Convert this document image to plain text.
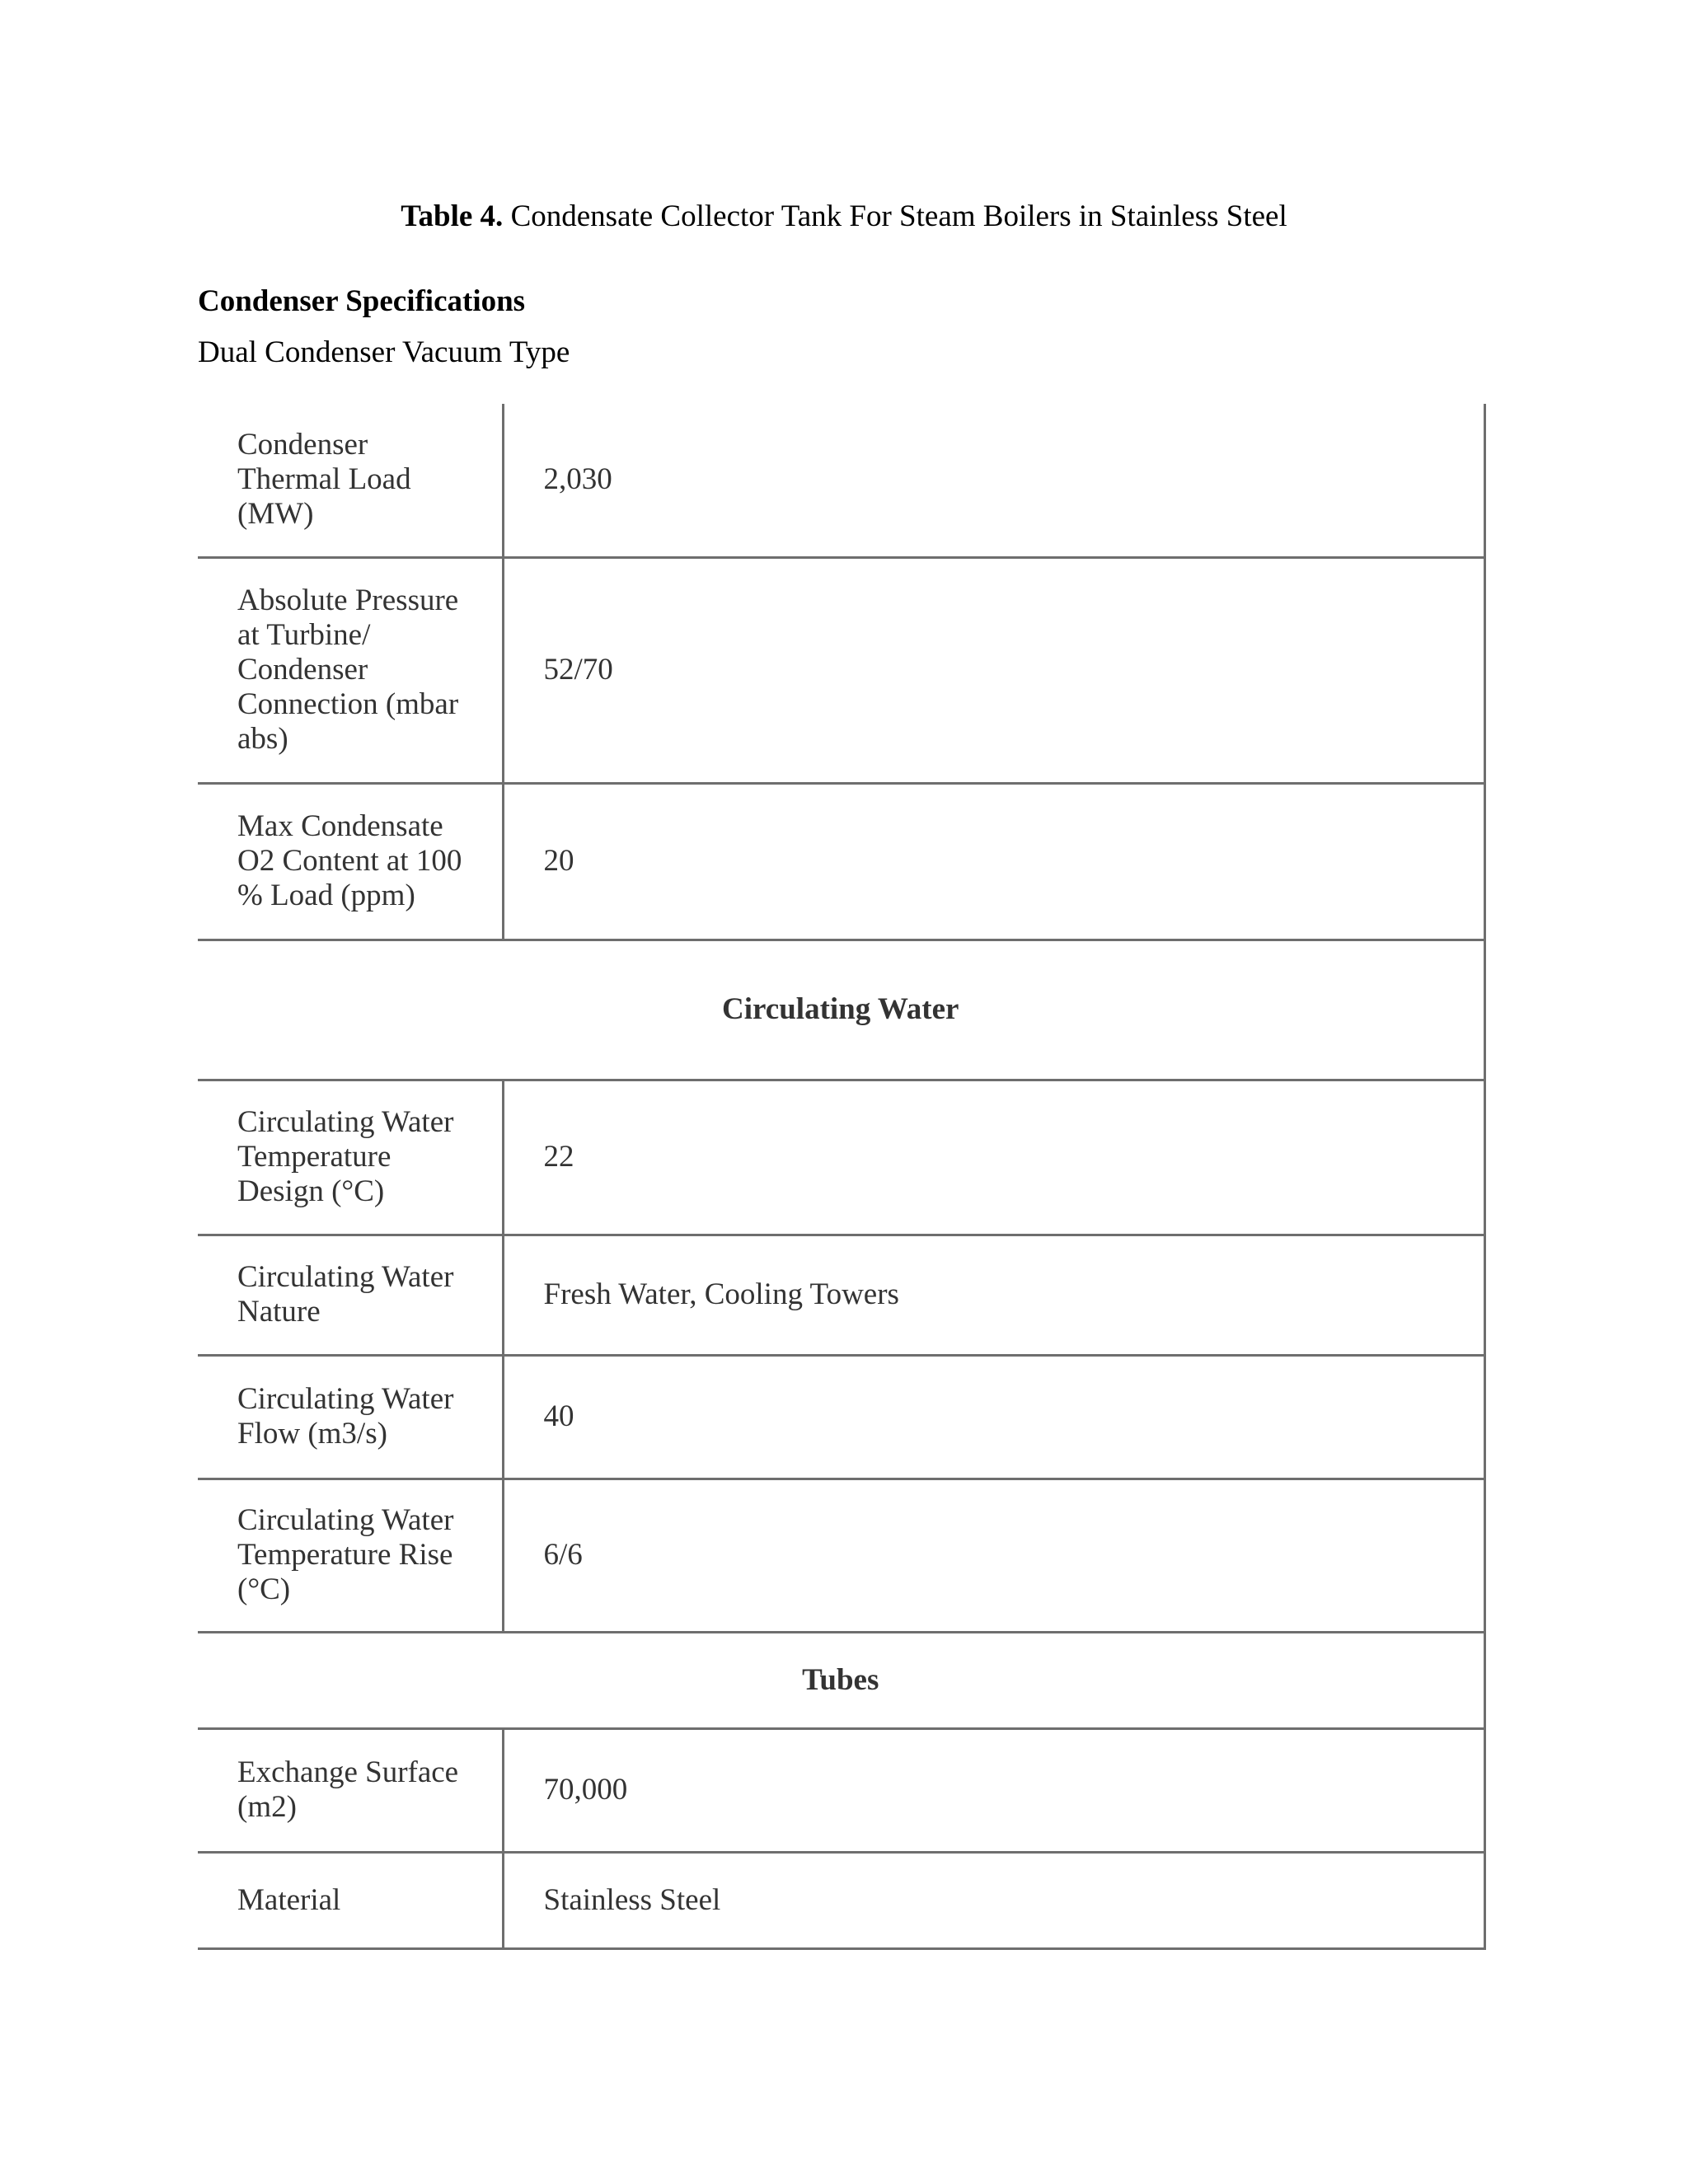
Table 4. Condensate Collector Tank For Steam Boilers in Stainless Steel
Condenser Specifications
Dual Condenser Vacuum Type
Condenser Thermal Load (MW)	2,030
Absolute Pressure at Turbine/ Condenser Connection (mbar abs)	52/70
Max Condensate O2 Content at 100 % Load (ppm)	20
Circulating Water	
Circulating Water Temperature Design (°C)	22
Circulating Water Nature	Fresh Water, Cooling Towers
Circulating Water Flow (m3/s)	40
Circulating Water Temperature Rise (°C)	6/6
Tubes	
Exchange Surface (m2)	70,000
Material	Stainless Steel
